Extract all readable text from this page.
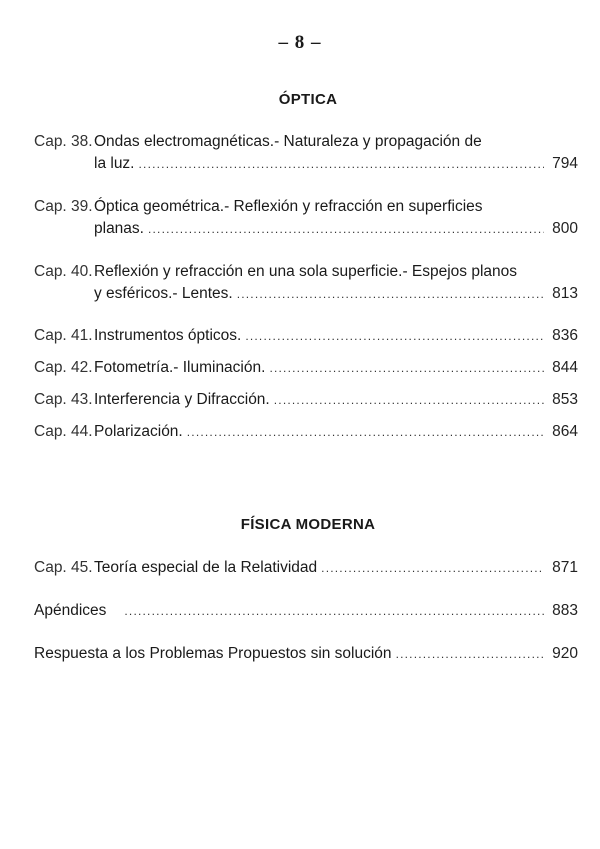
– 8 –
ÓPTICA
Cap. 38.Ondas electromagnéticas.- Naturaleza y propagación de
la luz. .....	794
Cap. 39.Óptica geométrica.- Reflexión y refracción en superficies
planas. .....	800
Cap. 40.Reflexión y refracción en una sola superficie.- Espejos planos
y esféricos.- Lentes. .....	813
Cap. 41. Instrumentos ópticos. .....	836
Cap. 42. Fotometría.- Iluminación. .....	844
Cap. 43. Interferencia y Difracción. .....	853
Cap. 44. Polarización. .....	864
FÍSICA MODERNA
Cap. 45. Teoría especial de la Relatividad .....	871
Apéndices .....	883
Respuesta a los Problemas Propuestos sin solución .....	920
